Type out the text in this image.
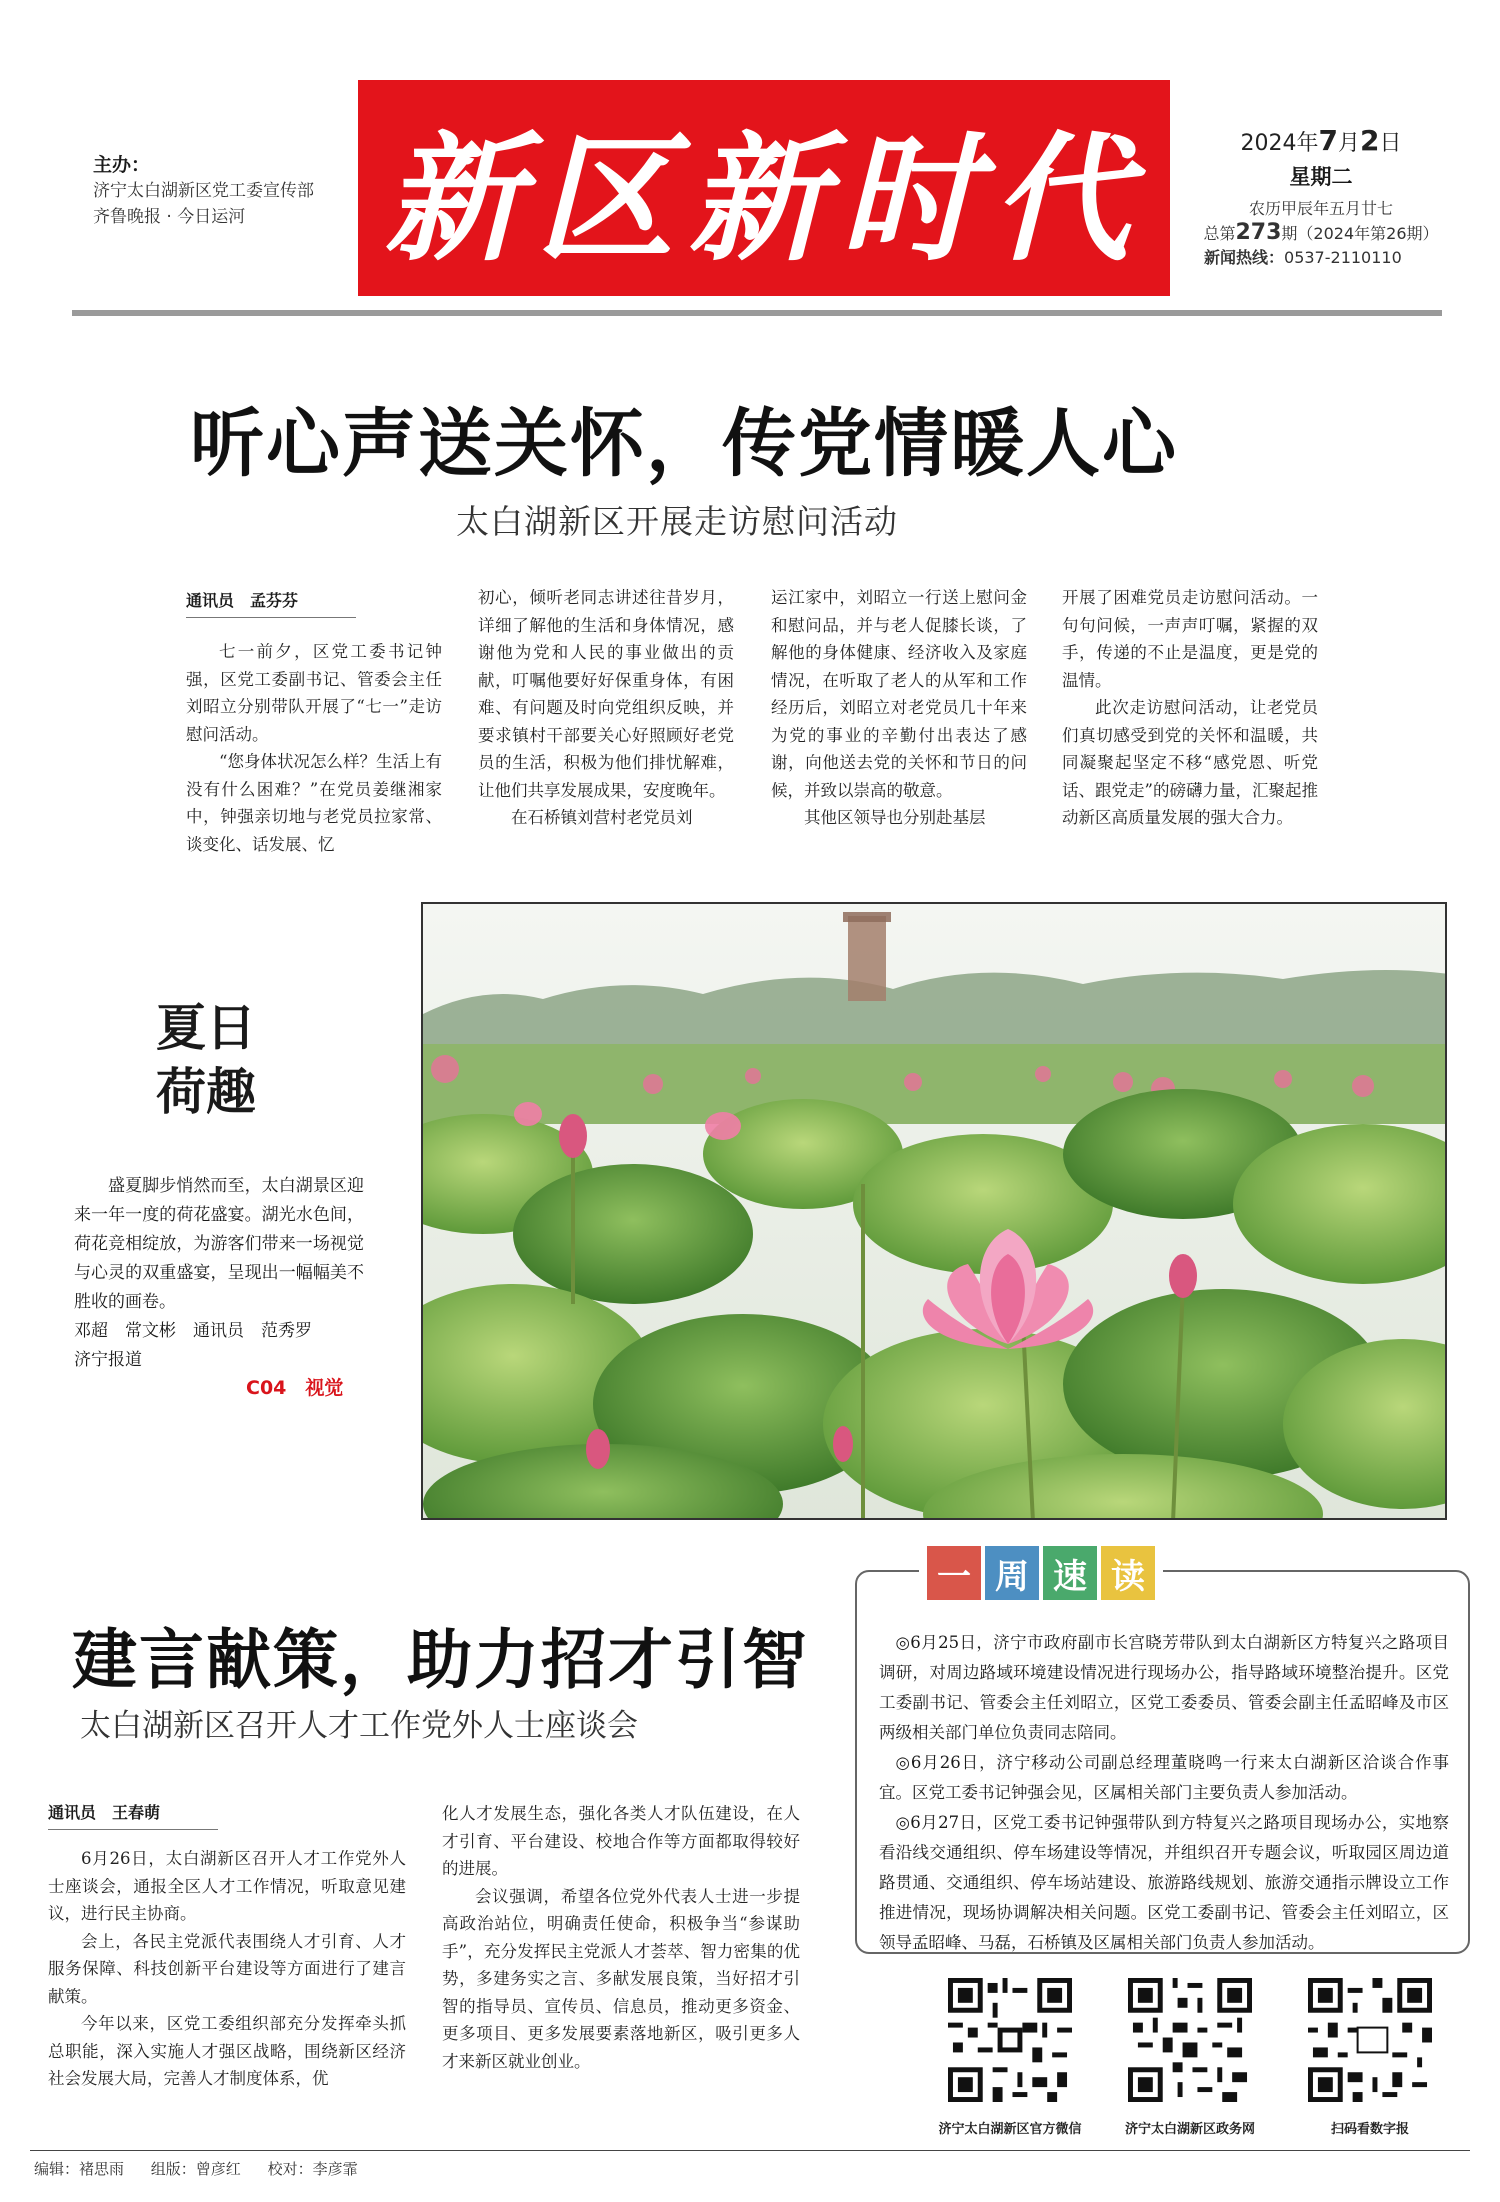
主办：
济宁太白湖新区党工委宣传部
齐鲁晚报 · 今日运河	新区新时代	2024年7月2日
星期二
农历甲辰年五月廿七
总第273期（2024年第26期）
新闻热线：0537-2110110
听心声送关怀，传党情暖人心
太白湖新区开展走访慰问活动
通讯员　孟芬芬

七一前夕，区党工委书记钟强，区党工委副书记、管委会主任刘昭立分别带队开展了“七一”走访慰问活动。

“您身体状况怎么样？生活上有没有什么困难？”在党员姜继湘家中，钟强亲切地与老党员拉家常、谈变化、话发展、忆

初心，倾听老同志讲述往昔岁月，详细了解他的生活和身体情况，感谢他为党和人民的事业做出的贡献，叮嘱他要好好保重身体，有困难、有问题及时向党组织反映，并要求镇村干部要关心好照顾好老党员的生活，积极为他们排忧解难，让他们共享发展成果，安度晚年。

在石桥镇刘营村老党员刘

运江家中，刘昭立一行送上慰问金和慰问品，并与老人促膝长谈，了解他的身体健康、经济收入及家庭情况，在听取了老人的从军和工作经历后，刘昭立对老党员几十年来为党的事业的辛勤付出表达了感谢，向他送去党的关怀和节日的问候，并致以崇高的敬意。

其他区领导也分别赴基层

开展了困难党员走访慰问活动。一句句问候，一声声叮嘱，紧握的双手，传递的不止是温度，更是党的温情。

此次走访慰问活动，让老党员们真切感受到党的关怀和温暖，共同凝聚起坚定不移“感党恩、听党话、跟党走”的磅礴力量，汇聚起推动新区高质量发展的强大合力。

夏日
荷趣

盛夏脚步悄然而至，太白湖景区迎来一年一度的荷花盛宴。湖光水色间，荷花竞相绽放，为游客们带来一场视觉与心灵的双重盛宴，呈现出一幅幅美不胜收的画卷。

邓超　常文彬　通讯员　范秀罗
济宁报道
C04　视觉
建言献策，助力招才引智
太白湖新区召开人才工作党外人士座谈会
通讯员　王春萌

6月26日，太白湖新区召开人才工作党外人士座谈会，通报全区人才工作情况，听取意见建议，进行民主协商。

会上，各民主党派代表围绕人才引育、人才服务保障、科技创新平台建设等方面进行了建言献策。

今年以来，区党工委组织部充分发挥牵头抓总职能，深入实施人才强区战略，围绕新区经济社会发展大局，完善人才制度体系，优

化人才发展生态，强化各类人才队伍建设，在人才引育、平台建设、校地合作等方面都取得较好的进展。

会议强调，希望各位党外代表人士进一步提高政治站位，明确责任使命，积极争当“参谋助手”，充分发挥民主党派人才荟萃、智力密集的优势，多建务实之言、多献发展良策，当好招才引智的指导员、宣传员、信息员，推动更多资金、更多项目、更多发展要素落地新区，吸引更多人才来新区就业创业。

一 周 速 读

◎6月25日，济宁市政府副市长宫晓芳带队到太白湖新区方特复兴之路项目调研，对周边路域环境建设情况进行现场办公，指导路域环境整治提升。区党工委副书记、管委会主任刘昭立，区党工委委员、管委会副主任孟昭峰及市区两级相关部门单位负责同志陪同。

◎6月26日，济宁移动公司副总经理董晓鸣一行来太白湖新区洽谈合作事宜。区党工委书记钟强会见，区属相关部门主要负责人参加活动。

◎6月27日，区党工委书记钟强带队到方特复兴之路项目现场办公，实地察看沿线交通组织、停车场建设等情况，并组织召开专题会议，听取园区周边道路贯通、交通组织、停车场站建设、旅游路线规划、旅游交通指示牌设立工作推进情况，现场协调解决相关问题。区党工委副书记、管委会主任刘昭立，区领导孟昭峰、马磊，石桥镇及区属相关部门负责人参加活动。

济宁太白湖新区官方微信	济宁太白湖新区政务网	扫码看数字报
编辑：褚思雨 组版：曾彦红 校对：李彦霏
